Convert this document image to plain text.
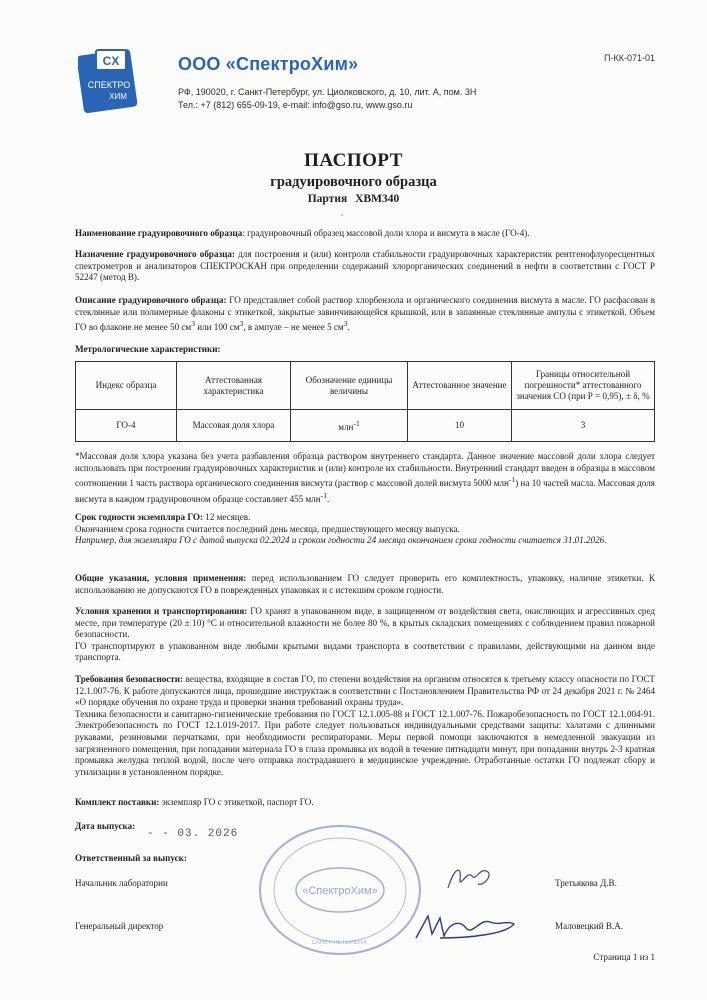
П-КК-071-01
CX
СПЕКТРО
ХИМ
ООО «СпектроХим»
РФ, 190020, г. Санкт-Петербург, ул. Циолковского, д. 10, лит. А, пом. 3Н
Тел.: +7 (812) 655-09-19, e-mail: info@gso.ru, www.gso.ru
ПАСПОРТ
градуировочного образца
Партия ХВМ340
,
Наименование градуировочного образца: градуировочный образец массовой доли хлора и висмута в масле (ГО-4).
Назначение градуировочного образца: для построения и (или) контроля стабильности градуировочных характеристик рентгенофлуоресцентных спектрометров и анализаторов СПЕКТРОСКАН при определении содержаний хлорорганических соединений в нефти в соответствии с ГОСТ Р 52247 (метод В).
Описание градуировочного образца: ГО представляет собой раствор хлорбензола и органического соединения висмута в масле. ГО расфасован в стеклянные или полимерные флаконы с этикеткой, закрытые завинчивающейся крышкой, или в запаянные стеклянные ампулы с этикеткой. Объем ГО во флаконе не менее 50 $см^3$ или 100 $см^3$, в ампуле – не менее 5 $см^3$.
Метрологические характеристики:
Индекс образца	Аттестованная характеристика	Обозначение единицы величины	Аттестованное значение	Границы относительной погрешности* аттестованного значения СО (при Р = 0,95), ± δ, %
ГО-4	Массовая доля хлора	млн$^{-1}$	10	3
*Массовая доля хлора указана без учета разбавления образца раствором внутреннего стандарта. Данное значение массовой доли хлора следует использовать при построении градуировочных характеристик и (или) контроле их стабильности. Внутренний стандарт введен в образцы в массовом соотношении 1 часть раствора органического соединения висмута (раствор с массовой долей висмута 5000 млн$^{-1}$) на 10 частей масла. Массовая доля висмута в каждом градуировочном образце составляет 455 млн$^{-1}$.
Срок годности экземпляра ГО: 12 месяцев.
Окончанием срока годности считается последний день месяца, предшествующего месяцу выпуска.
Например, для экземпляра ГО с датой выпуска 02.2024 и сроком годности 24 месяца окончанием срока годности считается 31.01.2026.
Общие указания, условия применения: перед использованием ГО следует проверить его комплектность, упаковку, наличие этикетки. К использованию не допускаются ГО в поврежденных упаковках и с истекшим сроком годности.
Условия хранения и транспортирования: ГО хранят в упакованном виде, в защищенном от воздействия света, окисляющих и агрессивных сред месте, при температуре (20 ± 10) °С и относительной влажности не более 80 %, в крытых складских помещениях с соблюдением правил пожарной безопасности.
ГО транспортируют в упакованном виде любыми крытыми видами транспорта в соответствии с правилами, действующими на данном виде транспорта.
Требования безопасности: вещества, входящие в состав ГО, по степени воздействия на организм относятся к третьему классу опасности по ГОСТ 12.1.007-76. К работе допускаются лица, прошедшие инструктаж в соответствии с Постановлением Правительства РФ от 24 декабря 2021 г. № 2464 «О порядке обучения по охране труда и проверки знания требований охраны труда».
Техника безопасности и санитарно-гигиенические требования по ГОСТ 12.1.005-88 и ГОСТ 12.1.007-76. Пожаробезопасность по ГОСТ 12.1.004-91. Электробезопасность по ГОСТ 12.1.019-2017. При работе следует пользоваться индивидуальными средствами защиты: халатами с длинными рукавами, резиновыми перчатками, при необходимости респираторами. Меры первой помощи заключаются в немедленной эвакуации из загрязненного помещения, при попадании материала ГО в глаза промывка их водой в течение пятнадцати минут, при попадании внутрь 2-3 кратная промывка желудка теплой водой, после чего отправка пострадавшего в медицинское учреждение. Отработанные остатки ГО подлежат сбору и утилизации в установленном порядке.
Комплект поставки: экземпляр ГО с этикеткой, паспорт ГО.
Дата выпуска:
- - 03. 2026
Ответственный за выпуск:
«СпектроХим»
САНКТ-ПЕТЕРБУРГ
Начальник лаборатории	Третьякова Д.В.
Генеральный директор	Маловецкий В.А.
Страница 1 из 1
